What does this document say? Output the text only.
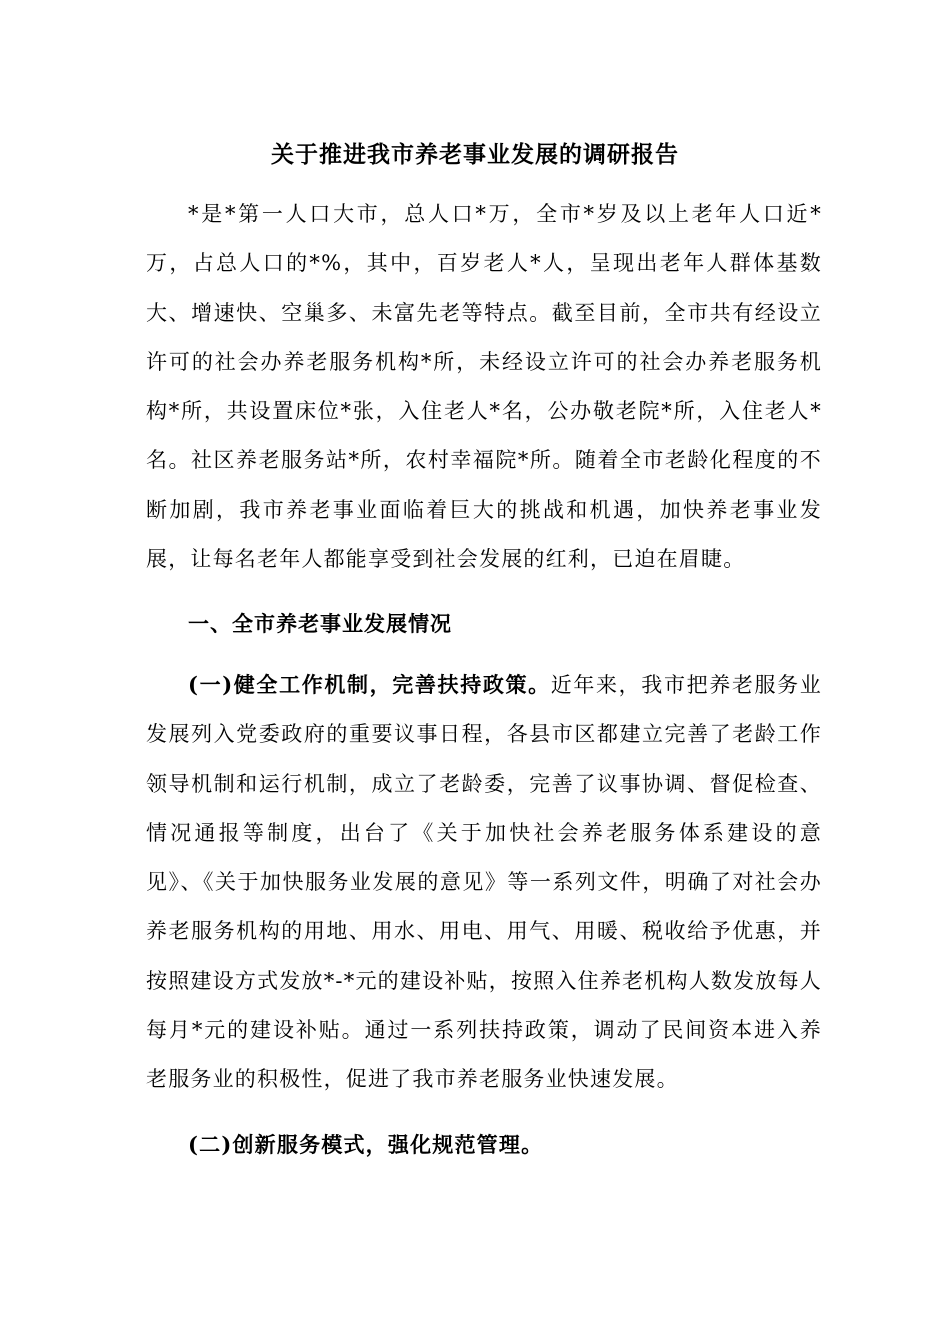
关于推进我市养老事业发展的调研报告

*是*第一人口大市，总人口*万，全市*岁及以上老年人口近*万，占总人口的*%，其中，百岁老人*人，呈现出老年人群体基数大、增速快、空巢多、未富先老等特点。截至目前，全市共有经设立许可的社会办养老服务机构*所，未经设立许可的社会办养老服务机构*所，共设置床位*张，入住老人*名，公办敬老院*所，入住老人*名。社区养老服务站*所，农村幸福院*所。随着全市老龄化程度的不断加剧，我市养老事业面临着巨大的挑战和机遇，加快养老事业发展，让每名老年人都能享受到社会发展的红利，已迫在眉睫。

一、全市养老事业发展情况

(一)健全工作机制，完善扶持政策。近年来，我市把养老服务业发展列入党委政府的重要议事日程，各县市区都建立完善了老龄工作领导机制和运行机制，成立了老龄委，完善了议事协调、督促检查、情况通报等制度，出台了《关于加快社会养老服务体系建设的意见》、《关于加快服务业发展的意见》等一系列文件，明确了对社会办养老服务机构的用地、用水、用电、用气、用暖、税收给予优惠，并按照建设方式发放*-*元的建设补贴，按照入住养老机构人数发放每人每月*元的建设补贴。通过一系列扶持政策，调动了民间资本进入养老服务业的积极性，促进了我市养老服务业快速发展。

(二)创新服务模式，强化规范管理。
